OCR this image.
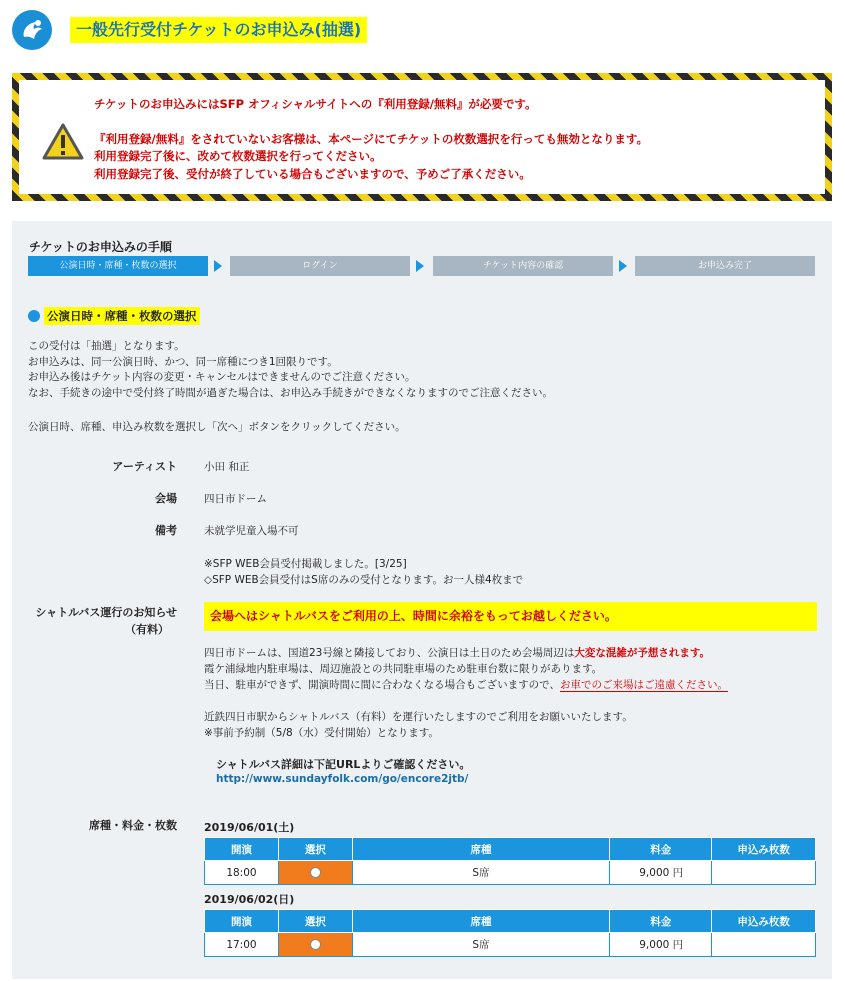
一般先行受付チケットのお申込み(抽選)

チケットのお申込みにはSFP オフィシャルサイトへの『利用登録/無料』が必要です。

『利用登録/無料』をされていないお客様は、本ページにてチケットの枚数選択を行っても無効となります。

利用登録完了後に、改めて枚数選択を行ってください。

利用登録完了後、受付が終了している場合もございますので、予めご了承ください。

チケットのお申込みの手順
公演日時・席種・枚数の選択	ログイン	チケット内容の確認	お申込み完了
公演日時・席種・枚数の選択

この受付は「抽選」となります。

お申込みは、同一公演日時、かつ、同一席種につき1回限りです。

お申込み後はチケット内容の変更・キャンセルはできませんのでご注意ください。

なお、手続きの途中で受付終了時間が過ぎた場合は、お申込み手続きができなくなりますのでご注意ください。

公演日時、席種、申込み枚数を選択し「次へ」ボタンをクリックしてください。
アーティスト	小田 和正
会場	四日市ドーム
備考	未就学児童入場不可
※SFP WEB会員受付掲載しました。[3/25]
◇SFP WEB会員受付はS席のみの受付となります。お一人様4枚まで
シャトルバス運行のお知らせ
（有料）
会場へはシャトルバスをご利用の上、時間に余裕をもってお越しください。

四日市ドームは、国道23号線と隣接しており、公演日は土日のため会場周辺は大変な混雑が予想されます。

霞ケ浦緑地内駐車場は、周辺施設との共同駐車場のため駐車台数に限りがあります。

当日、駐車ができず、開演時間に間に合わなくなる場合もございますので、お車でのご来場はご遠慮ください。

近鉄四日市駅からシャトルバス（有料）を運行いたしますのでご利用をお願いいたします。

※事前予約制（5/8（水）受付開始）となります。

シャトルバス詳細は下記URLよりご確認ください。
http://www.sundayfolk.com/go/encore2jtb/
席種・料金・枚数 2019/06/01(土)
開演	選択	席種	料金	申込み枚数
18:00		S席	9,000 円	
2019/06/02(日)
開演	選択	席種	料金	申込み枚数
17:00		S席	9,000 円	
